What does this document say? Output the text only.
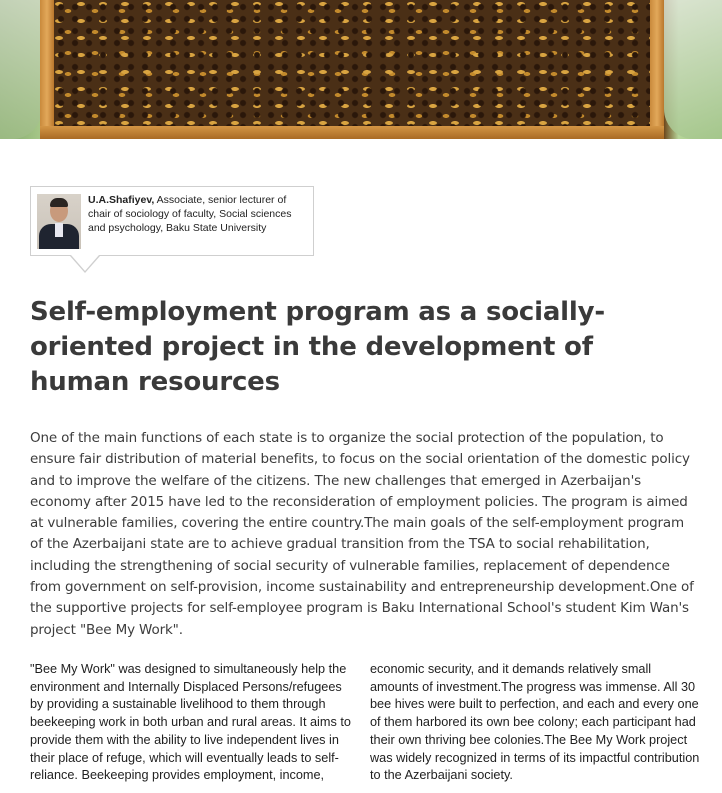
U.A.Shafiyev, Associate, senior lecturer of chair of sociology of faculty, Social sciences and psychology, Baku State University
Self-employment program as a socially-oriented project in the development of human resources

One of the main functions of each state is to organize the social protection of the population, to ensure fair distribution of material benefits, to focus on the social orientation of the domestic policy and to improve the welfare of the citizens. The new challenges that emerged in Azerbaijan's economy after 2015 have led to the reconsideration of employment policies. The program is aimed at vulnerable families, covering the entire country.The main goals of the self-employment program of the Azerbaijani state are to achieve gradual transition from the TSA to social rehabilitation, including the strengthening of social security of vulnerable families, replacement of dependence from government on self-provision, income sustainability and entrepreneurship development.One of the supportive projects for self-employee program is Baku International School's student Kim Wan's project "Bee My Work".

"Bee My Work" was designed to simultaneously help the environment and Internally Displaced Persons/refugees by providing a sustainable livelihood to them through beekeeping work in both urban and rural areas. It aims to provide them with the ability to live independent lives in their place of refuge, which will eventually leads to self-reliance. Beekeeping provides employment, income,

economic security, and it demands relatively small amounts of investment.The progress was immense. All 30 bee hives were built to perfection, and each and every one of them harbored its own bee colony; each participant had their own thriving bee colonies.The Bee My Work project was widely recognized in terms of its impactful contribution to the Azerbaijani society.
